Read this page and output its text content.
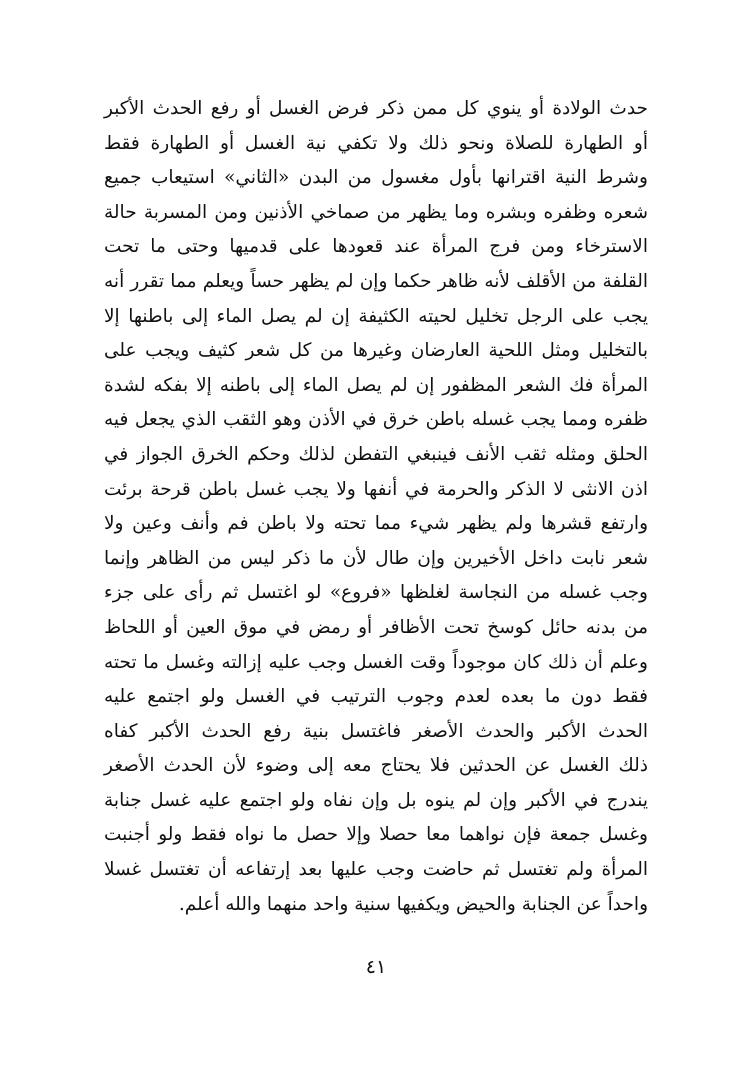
حدث الولادة أو ينوي كل ممن ذكر فرض الغسل أو رفع الحدث الأكبر
أو الطهارة للصلاة ونحو ذلك ولا تكفي نية الغسل أو الطهارة فقط
وشرط النية اقترانها بأول مغسول من البدن «الثاني» استيعاب جميع
شعره وظفره وبشره وما يظهر من صماخي الأذنين ومن المسربة حالة
الاسترخاء ومن فرج المرأة عند قعودها على قدميها وحتى ما تحت
القلفة من الأقلف لأنه ظاهر حكما وإن لم يظهر حساً ويعلم مما تقرر أنه
يجب على الرجل تخليل لحيته الكثيفة إن لم يصل الماء إلى باطنها إلا
بالتخليل ومثل اللحية العارضان وغيرها من كل شعر كثيف ويجب على
المرأة فك الشعر المظفور إن لم يصل الماء إلى باطنه إلا بفكه لشدة
ظفره ومما يجب غسله باطن خرق في الأذن وهو الثقب الذي يجعل فيه
الحلق ومثله ثقب الأنف فينبغي التفطن لذلك وحكم الخرق الجواز في
اذن الانثى لا الذكر والحرمة في أنفها ولا يجب غسل باطن قرحة برئت
وارتفع قشرها ولم يظهر شيء مما تحته ولا باطن فم وأنف وعين ولا
شعر نابت داخل الأخيرين وإن طال لأن ما ذكر ليس من الظاهر وإنما
وجب غسله من النجاسة لغلظها «فروع» لو اغتسل ثم رأى على جزء
من بدنه حائل كوسخ تحت الأظافر أو رمض في موق العين أو اللحاظ
وعلم أن ذلك كان موجوداً وقت الغسل وجب عليه إزالته وغسل ما تحته
فقط دون ما بعده لعدم وجوب الترتيب في الغسل ولو اجتمع عليه
الحدث الأكبر والحدث الأصغر فاغتسل بنية رفع الحدث الأكبر كفاه
ذلك الغسل عن الحدثين فلا يحتاج معه إلى وضوء لأن الحدث الأصغر
يندرج في الأكبر وإن لم ينوه بل وإن نفاه ولو اجتمع عليه غسل جنابة
وغسل جمعة فإن نواهما معا حصلا وإلا حصل ما نواه فقط ولو أجنبت
المرأة ولم تغتسل ثم حاضت وجب عليها بعد إرتفاعه أن تغتسل غسلا
واحداً عن الجنابة والحيض ويكفيها سنية واحد منهما والله أعلم.
٤١
